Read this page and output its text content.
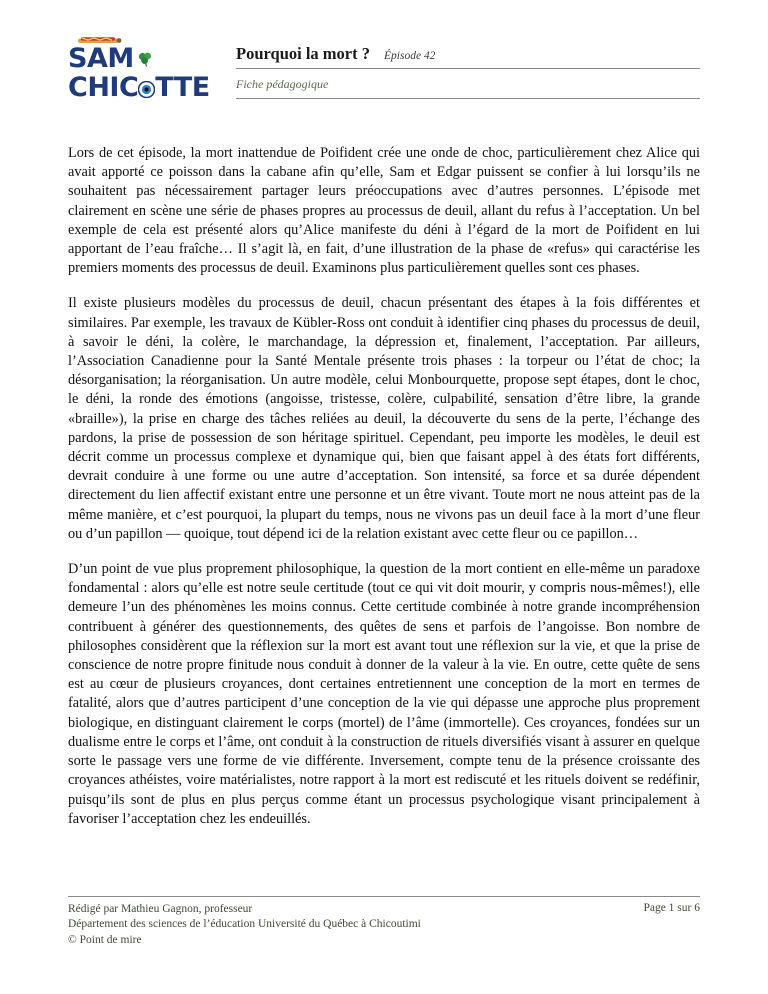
SAM
CHIC TTE
Pourquoi la mort ? Épisode 42
Fiche pédagogique

Lors de cet épisode, la mort inattendue de Poifident crée une onde de choc, particulièrement chez Alice qui avait apporté ce poisson dans la cabane afin qu’elle, Sam et Edgar puissent se confier à lui lorsqu’ils ne souhaitent pas nécessairement partager leurs préoccupations avec d’autres personnes. L’épisode met clairement en scène une série de phases propres au processus de deuil, allant du refus à l’acceptation. Un bel exemple de cela est présenté alors qu’Alice manifeste du déni à l’égard de la mort de Poifident en lui apportant de l’eau fraîche… Il s’agit là, en fait, d’une illustration de la phase de «refus» qui caractérise les premiers moments des processus de deuil. Examinons plus particulièrement quelles sont ces phases.

Il existe plusieurs modèles du processus de deuil, chacun présentant des étapes à la fois différentes et similaires. Par exemple, les travaux de Kübler-Ross ont conduit à identifier cinq phases du processus de deuil, à savoir le déni, la colère, le marchandage, la dépression et, finalement, l’acceptation. Par ailleurs, l’Association Canadienne pour la Santé Mentale présente trois phases : la torpeur ou l’état de choc; la désorganisation; la réorganisation. Un autre modèle, celui Monbourquette, propose sept étapes, dont le choc, le déni, la ronde des émotions (angoisse, tristesse, colère, culpabilité, sensation d’être libre, la grande «braille»), la prise en charge des tâches reliées au deuil, la découverte du sens de la perte, l’échange des pardons, la prise de possession de son héritage spirituel. Cependant, peu importe les modèles, le deuil est décrit comme un processus complexe et dynamique qui, bien que faisant appel à des états fort différents, devrait conduire à une forme ou une autre d’acceptation. Son intensité, sa force et sa durée dépendent directement du lien affectif existant entre une personne et un être vivant. Toute mort ne nous atteint pas de la même manière, et c’est pourquoi, la plupart du temps, nous ne vivons pas un deuil face à la mort d’une fleur ou d’un papillon — quoique, tout dépend ici de la relation existant avec cette fleur ou ce papillon…

D’un point de vue plus proprement philosophique, la question de la mort contient en elle-même un paradoxe fondamental : alors qu’elle est notre seule certitude (tout ce qui vit doit mourir, y compris nous-mêmes!), elle demeure l’un des phénomènes les moins connus. Cette certitude combinée à notre grande incompréhension contribuent à générer des questionnements, des quêtes de sens et parfois de l’angoisse. Bon nombre de philosophes considèrent que la réflexion sur la mort est avant tout une réflexion sur la vie, et que la prise de conscience de notre propre finitude nous conduit à donner de la valeur à la vie. En outre, cette quête de sens est au cœur de plusieurs croyances, dont certaines entretiennent une conception de la mort en termes de fatalité, alors que d’autres participent d’une conception de la vie qui dépasse une approche plus proprement biologique, en distinguant clairement le corps (mortel) de l’âme (immortelle). Ces croyances, fondées sur un dualisme entre le corps et l’âme, ont conduit à la construction de rituels diversifiés visant à assurer en quelque sorte le passage vers une forme de vie différente. Inversement, compte tenu de la présence croissante des croyances athéistes, voire matérialistes, notre rapport à la mort est rediscuté et les rituels doivent se redéfinir, puisqu’ils sont de plus en plus perçus comme étant un processus psychologique visant principalement à favoriser l’acceptation chez les endeuillés.

Rédigé par Mathieu Gagnon, professeur
Département des sciences de l’éducation Université du Québec à Chicoutimi
© Point de mire
Page 1 sur 6
